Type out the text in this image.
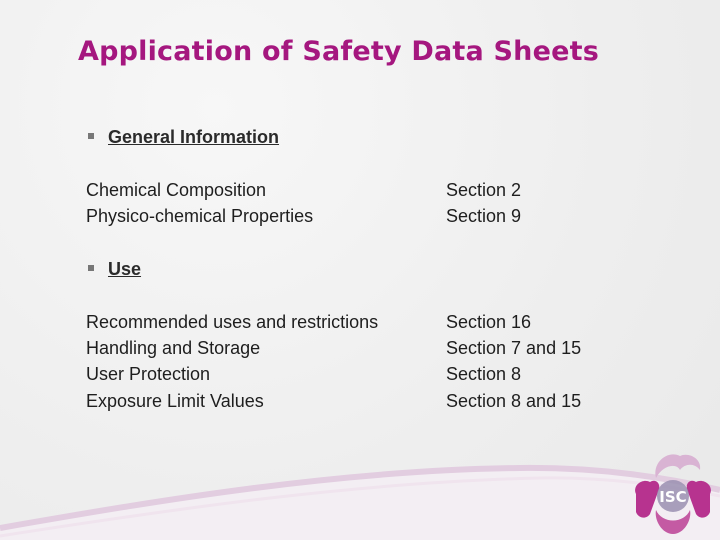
Application of Safety Data Sheets
General Information
Chemical Composition	Section 2
Physico-chemical Properties	Section 9
Use
Recommended uses and restrictions	Section 16
Handling and Storage	Section 7 and 15
User Protection	Section 8
Exposure Limit Values	Section 8 and 15
ISC
